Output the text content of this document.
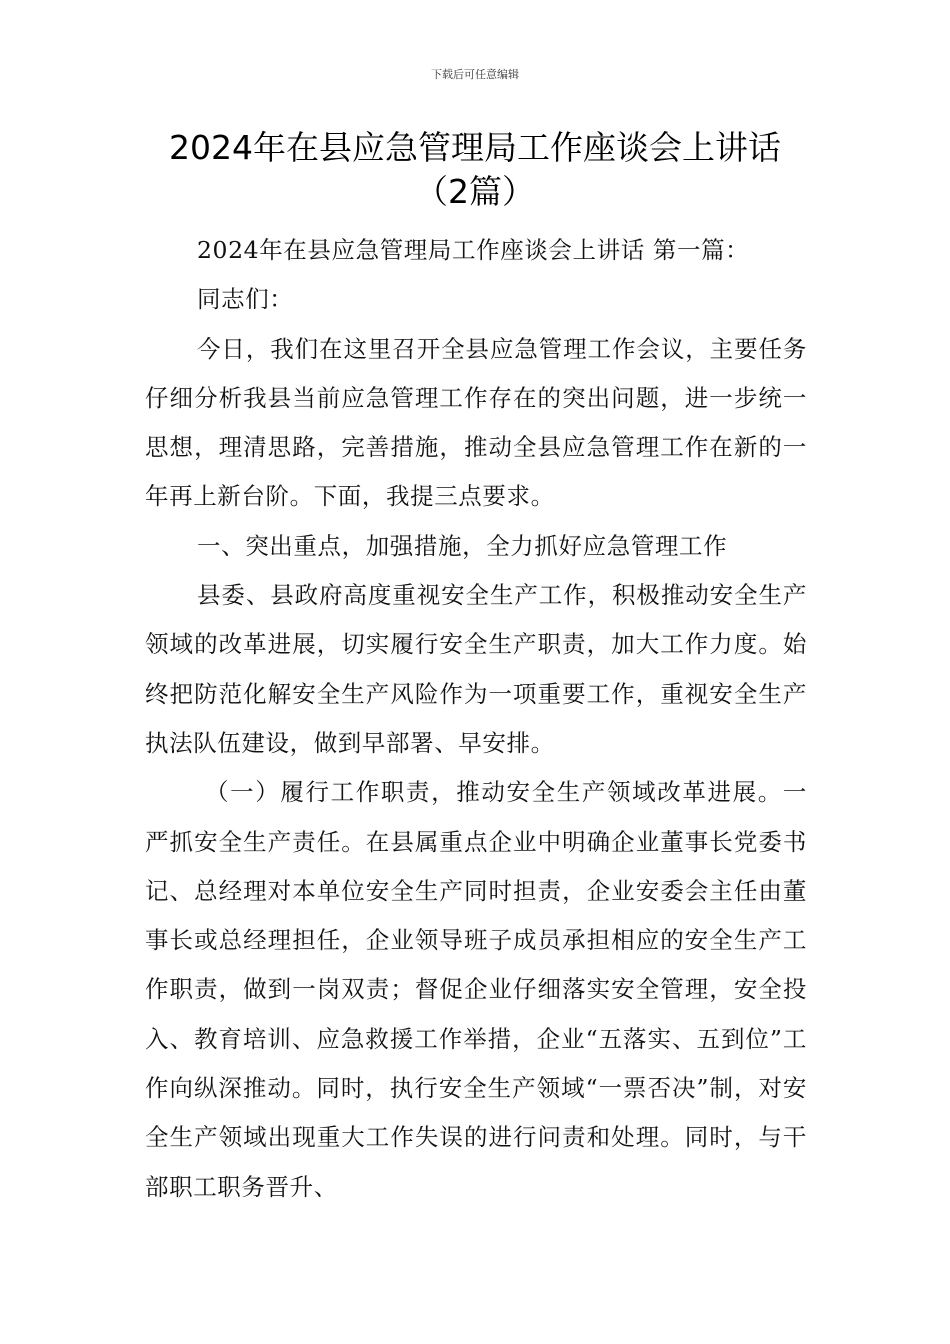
下载后可任意编辑
2024年在县应急管理局工作座谈会上讲话
（2篇）

2024年在县应急管理局工作座谈会上讲话 第一篇：

同志们：

今日，我们在这里召开全县应急管理工作会议，主要任务仔细分析我县当前应急管理工作存在的突出问题，进一步统一思想，理清思路，完善措施，推动全县应急管理工作在新的一年再上新台阶。下面，我提三点要求。

一、突出重点，加强措施，全力抓好应急管理工作

县委、县政府高度重视安全生产工作，积极推动安全生产领域的改革进展，切实履行安全生产职责，加大工作力度。始终把防范化解安全生产风险作为一项重要工作，重视安全生产执法队伍建设，做到早部署、早安排。

（一）履行工作职责，推动安全生产领域改革进展。一严抓安全生产责任。在县属重点企业中明确企业董事长党委书记、总经理对本单位安全生产同时担责，企业安委会主任由董事长或总经理担任，企业领导班子成员承担相应的安全生产工作职责，做到一岗双责；督促企业仔细落实安全管理，安全投入、教育培训、应急救援工作举措，企业“五落实、五到位”工作向纵深推动。同时，执行安全生产领域“一票否决”制，对安全生产领域出现重大工作失误的进行问责和处理。同时，与干部职工职务晋升、
